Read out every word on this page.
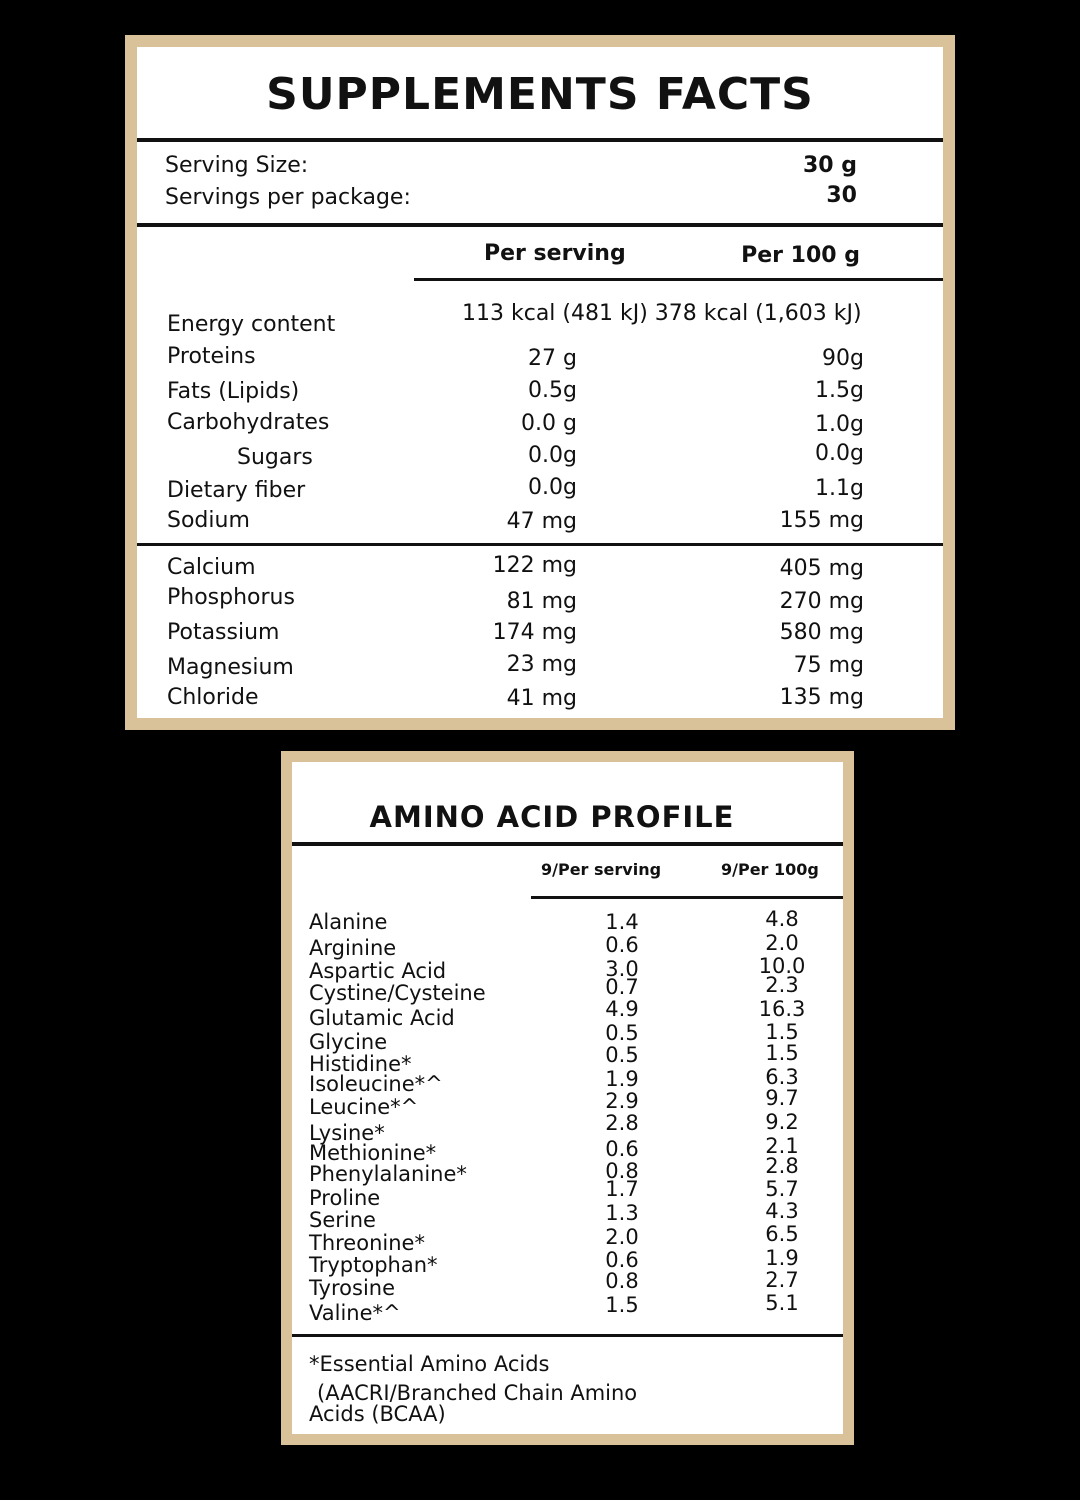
SUPPLEMENTS FACTS
Serving Size:	30 g
Servings per package:	30
Per serving	Per 100 g
Energy content	113 kcal (481 kJ) 378 kcal (1,603 kJ)
Proteins	27 g	90g
Fats (Lipids)	0.5g	1.5g
Carbohydrates	0.0 g	1.0g
Sugars	0.0g	0.0g
Dietary fiber	0.0g	1.1g
Sodium	47 mg	155 mg
Calcium	122 mg	405 mg
Phosphorus	81 mg	270 mg
Potassium	174 mg	580 mg
Magnesium	23 mg	75 mg
Chloride	41 mg	135 mg
AMINO ACID PROFILE
9/Per serving	9/Per 100g
Alanine	1.4	4.8
Arginine	0.6	2.0
Aspartic Acid	3.0	10.0
Cystine/Cysteine	0.7	2.3
Glutamic Acid	4.9	16.3
Glycine	0.5	1.5
Histidine*	0.5	1.5
Isoleucine*^	1.9	6.3
Leucine*^	2.9	9.7
Lysine*	2.8	9.2
Methionine*	0.6	2.1
Phenylalanine*	0.8	2.8
Proline	1.7	5.7
Serine	1.3	4.3
Threonine*	2.0	6.5
Tryptophan*	0.6	1.9
Tyrosine	0.8	2.7
Valine*^	1.5	5.1
*Essential Amino Acids
(AACRI/Branched Chain Amino
Acids (BCAA)
